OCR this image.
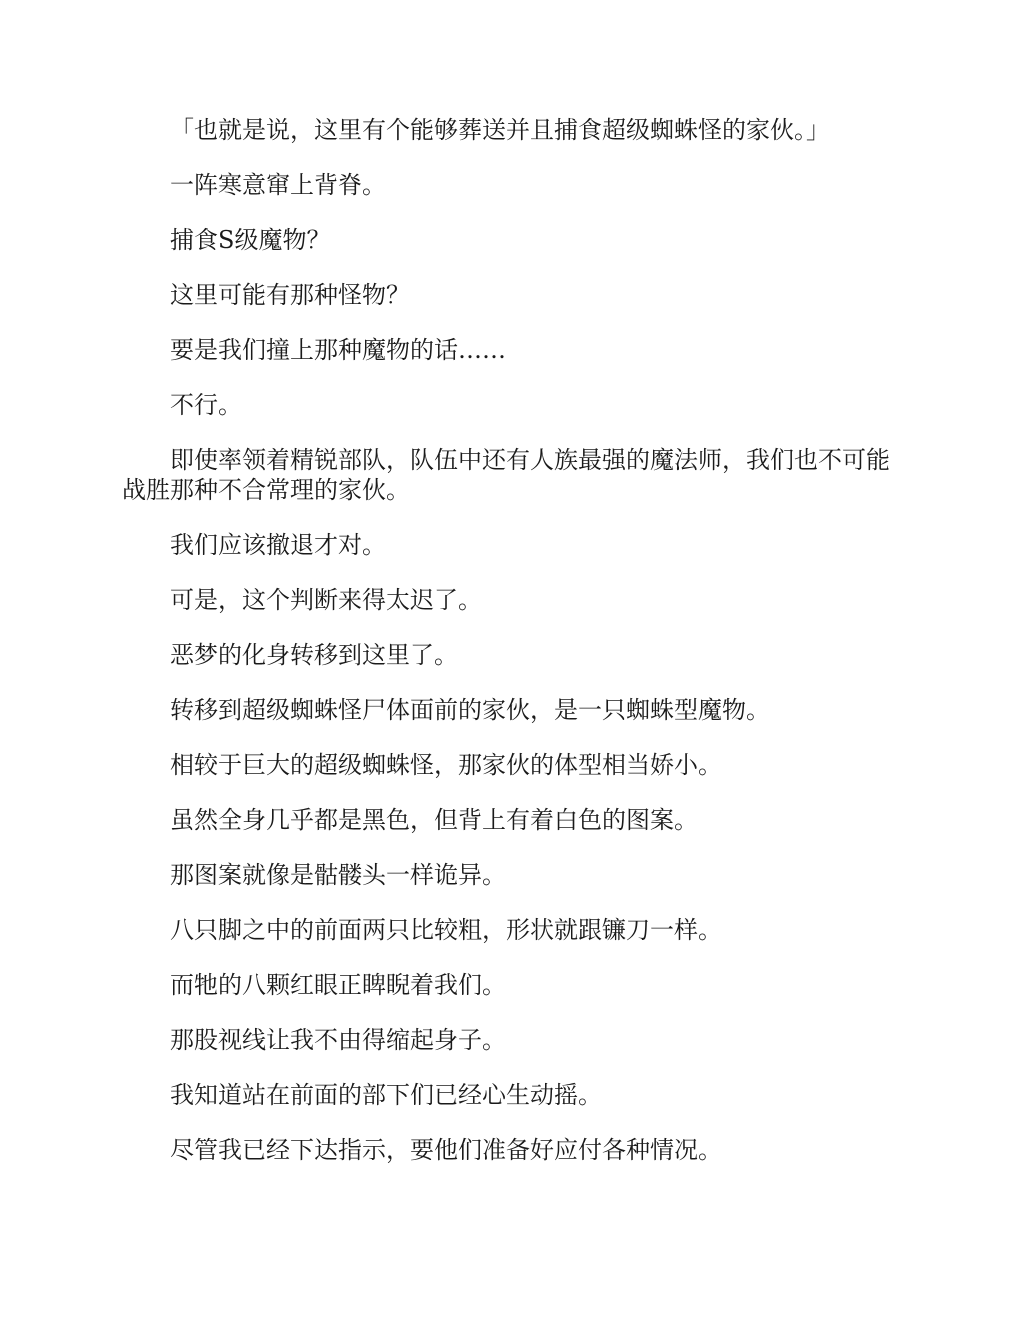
「也就是说，这里有个能够葬送并且捕食超级蜘蛛怪的家伙。」

一阵寒意窜上背脊。

捕食S级魔物？

这里可能有那种怪物？

要是我们撞上那种魔物的话……

不行。

即使率领着精锐部队，队伍中还有人族最强的魔法师，我们也不可能战胜那种不合常理的家伙。

我们应该撤退才对。

可是，这个判断来得太迟了。

恶梦的化身转移到这里了。

转移到超级蜘蛛怪尸体面前的家伙，是一只蜘蛛型魔物。

相较于巨大的超级蜘蛛怪，那家伙的体型相当娇小。

虽然全身几乎都是黑色，但背上有着白色的图案。

那图案就像是骷髅头一样诡异。

八只脚之中的前面两只比较粗，形状就跟镰刀一样。

而牠的八颗红眼正睥睨着我们。

那股视线让我不由得缩起身子。

我知道站在前面的部下们已经心生动摇。

尽管我已经下达指示，要他们准备好应付各种情况。
